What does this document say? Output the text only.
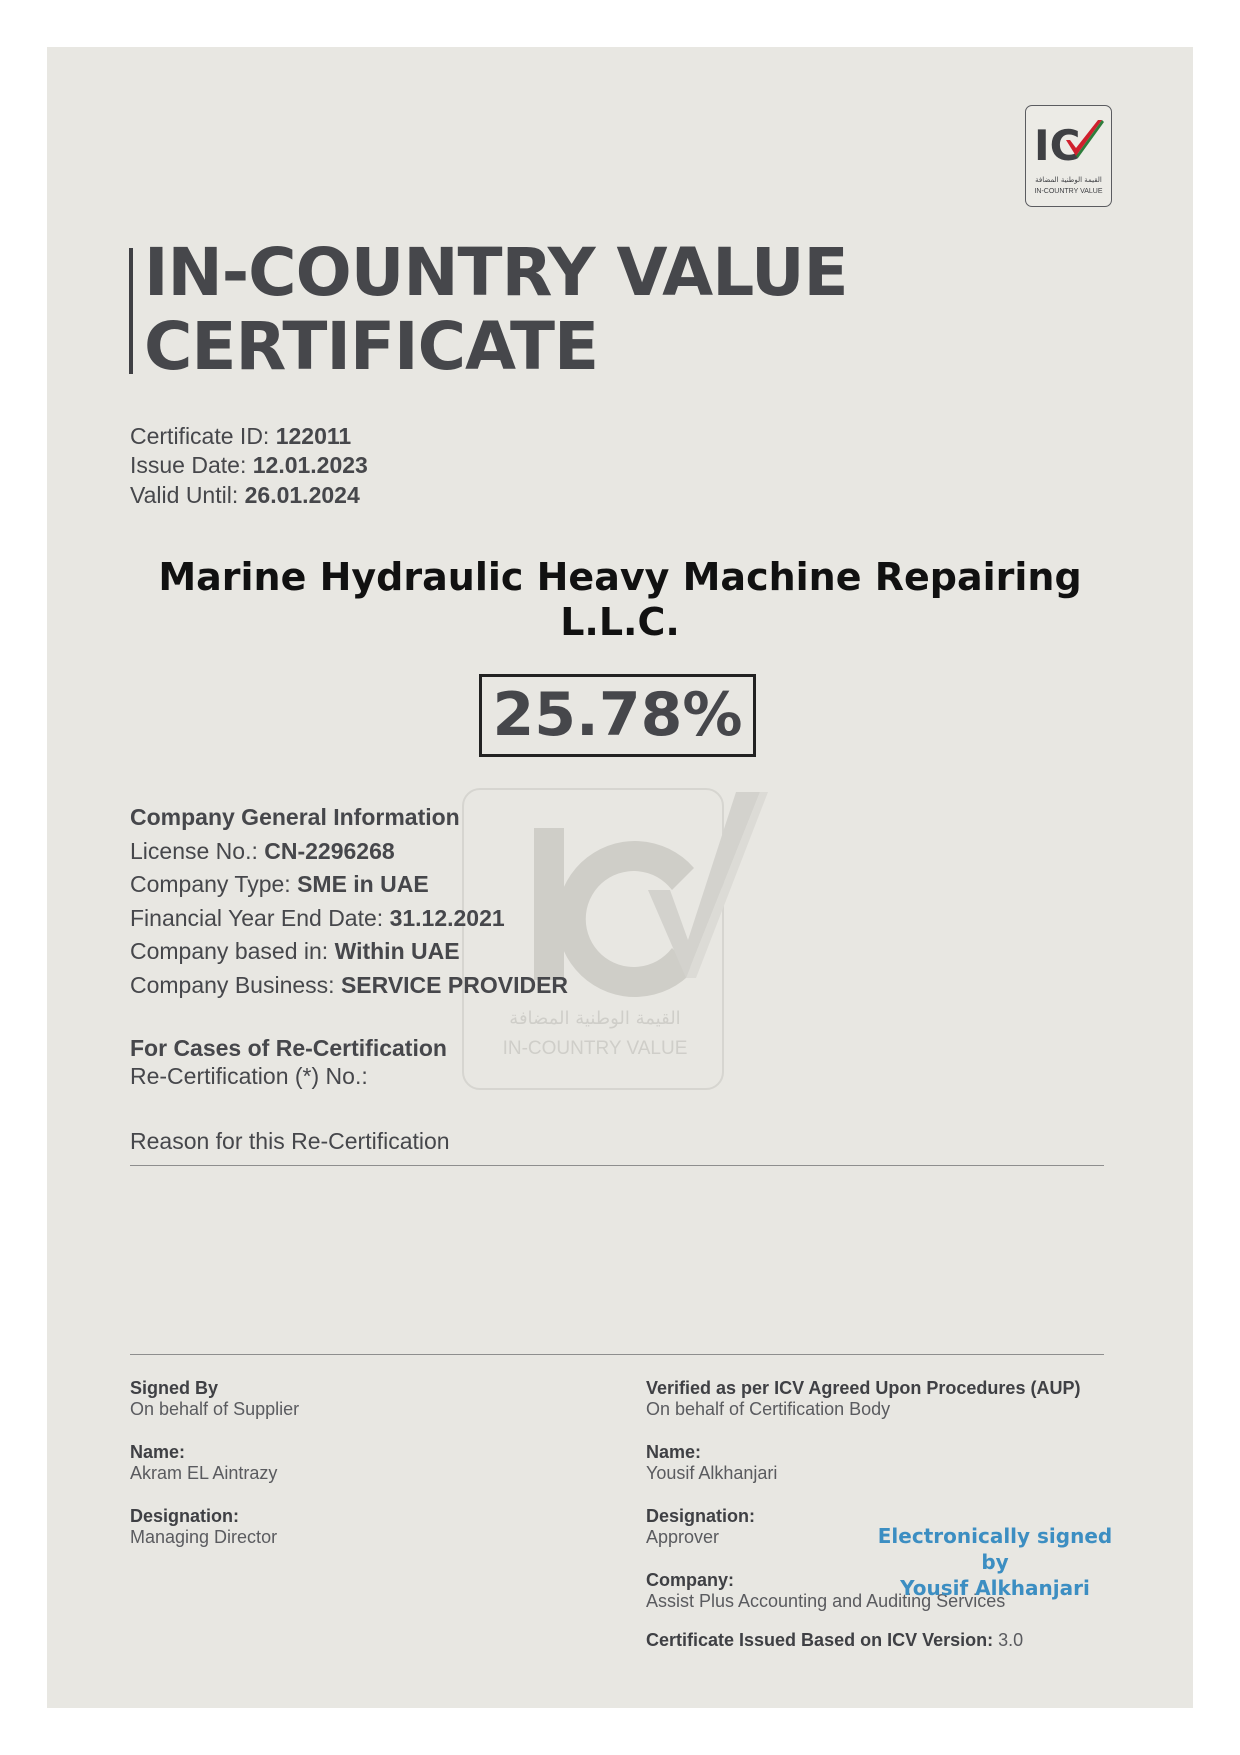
IC
القيمة الوطنية المضافة
IN-COUNTRY VALUE
IN-COUNTRY VALUE
CERTIFICATE
Certificate ID: 122011
Issue Date: 12.01.2023
Valid Until: 26.01.2024
Marine Hydraulic Heavy Machine Repairing
L.L.C.
25.78%
القيمة الوطنية المضافة
IN-COUNTRY VALUE
Company General Information
License No.: CN-2296268
Company Type: SME in UAE
Financial Year End Date: 31.12.2021
Company based in: Within UAE
Company Business: SERVICE PROVIDER
For Cases of Re-Certification
Re-Certification (*) No.:
Reason for this Re-Certification
Signed By
On behalf of Supplier
Name:
Akram EL Aintrazy
Designation:
Managing Director
Verified as per ICV Agreed Upon Procedures (AUP)
On behalf of Certification Body
Name:
Yousif Alkhanjari
Designation:
Approver
Company:
Assist Plus Accounting and Auditing Services
Certificate Issued Based on ICV Version: 3.0
Electronically signed by
Yousif Alkhanjari
